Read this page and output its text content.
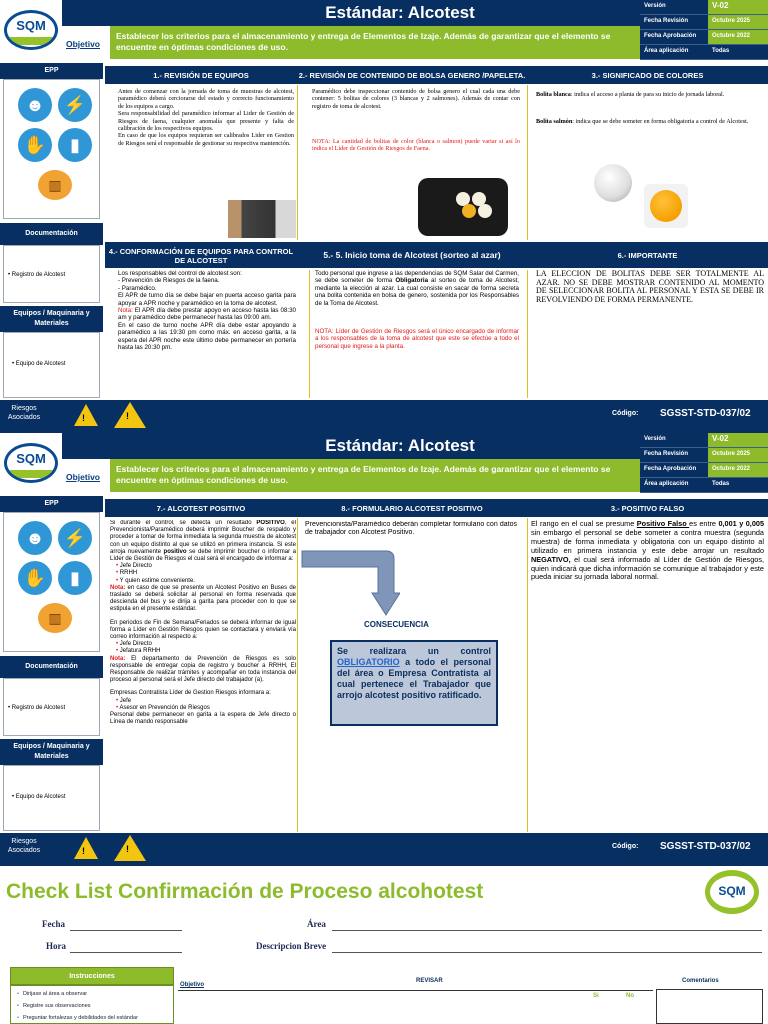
Estándar: Alcotest
SQM
Objetivo
Establecer los criterios para el almacenamiento y entrega de Elementos de Izaje. Además de garantizar que el elemento se encuentre en óptimas condiciones de uso.
Versión	V-02
Fecha Revisión	Octubre 2025
Fecha Aprobación	Octubre 2022
Área aplicación	Todas
EPP
☻	⚡
✋	▮
▥
Documentación
• Registro de Alcotest
Equipos / Maquinaria y Materiales
• Equipo de Alcotest
1.- REVISIÓN DE EQUIPOS	2.- REVISIÓN DE CONTENIDO DE BOLSA GENERO /PAPELETA.	3.- SIGNIFICADO DE COLORES
Antes de comenzar con la jornada de toma de muestras de alcotest, paramédico deberá cerciorarse del estado y correcto funcionamiento de los equipos a cargo.
Sera responsabilidad del paramédico informar al Lider de Gestión de Riesgos de faena, cualquier anomalía que presente y falta de calibración de los respectivos equipos.
En caso de que los equipos requieran ser calibrados Lider en Gestion de Riesgos será el responsable de gestionar su respectiva mantención.
Paramédico debe inspeccionar contenido de bolsa genero el cual cada una debe contener: 5 bolitas de colores (3 blancas y 2 salmones). Además de contar con registro de toma de alcotest.
NOTA: La cantidad de bolitas de color (blanca o salmon) puede variar si así lo indica el Líder de Gestión de Riesgos de Faena.
Bolita blanca: indica el acceso a planta de para su inicio de jornada laboral.
Bolita salmón: indica que se debe someter en forma obligatoria a control de Alcotest.
4.- CONFORMACIÓN DE EQUIPOS PARA CONTROL DE ALCOTEST	5.- 5. Inicio toma de Alcotest (sorteo al azar)	6.- IMPORTANTE
Los responsables del control de alcotest son:
- Prevención de Riesgos de la faena.
- Paramédico.
El APR de turno día se debe bajar en puerta acceso garita para apoyar a APR noche y paramédico en la toma de alcotest.
Nota: El APR día debe prestar apoyo en acceso hasta las 08:30 am y paramédico debe permanecer hasta las 09:00 am.
En el caso de turno noche APR día debe estar apoyando a paramédico a las 19:30 pm como máx. en acceso garita, a la espera del APR noche este último debe permanecer en portería hasta las 20:30 pm.
Todo personal que ingrese a las dependencias de SQM Salar del Carmen, se debe someter de forma Obligatoria al sorteo de toma de Alcotest, mediante la elección al azar. La cual consiste en sacar de forma secreta una bolita contenida en bolsa de genero, sostenida por los Responsables de la Toma de Alcotest.
NOTA: Líder de Gestión de Riesgos será el único encargado de informar a los responsables de la toma de alcotest que este se efectúe a todo el personal que ingrese a la planta.
LA ELECCION DE BOLITAS DEBE SER TOTALMENTE AL AZAR. NO SE DEBE MOSTRAR CONTENIDO AL MOMENTO DE SELECCIONAR BOLITA AL PERSONAL Y ESTA SE DEBE IR REVOLVIENDO DE FORMA PERMANENTE.
Riesgos Asociados	!	!	Código: SGSST-STD-037/02
Estándar: Alcotest
SQM
Objetivo
Establecer los criterios para el almacenamiento y entrega de Elementos de Izaje. Además de garantizar que el elemento se encuentre en óptimas condiciones de uso.
Versión	V-02
Fecha Revisión	Octubre 2025
Fecha Aprobación	Octubre 2022
Área aplicación	Todas
EPP
☻	⚡
✋	▮
▥
Documentación
• Registro de Alcotest
Equipos / Maquinaria y Materiales
• Equipo de Alcotest
7.- ALCOTEST POSITIVO	8.- FORMULARIO ALCOTEST POSITIVO	3.- POSITIVO FALSO
Si durante el control, se detecta un resultado POSITIVO, el Prevencionista/Paramédico deberá imprimir Boucher de respaldo y proceder a tomar de forma inmediata la segunda muestra de alcotest con un equipo distinto al que se utilizó en primera instancia. Si este arroja nuevamente positivo se debe imprimir boucher o informar a Líder de Gestión de Riesgos el cual será el encargado de informar a:
• Jefe Directo
• RRHH
• Y quien estime conveniente.
Nota: en caso de que se presente un Alcotest Positivo en Buses de traslado se deberá solicitar al personal en forma reservada que descienda del bus y se dirija a garita para proceder con lo que se estipula en el presente estándar.
En periodos de Fin de Semana/Feriados se deberá informar de igual forma a Líder en Gestión Riesgos quien se contactara y enviará vía correo información al respecto a:
• Jefe Directo
• Jefatura RRHH
Nota: El departamento de Prevención de Riesgos es solo responsable de entregar copia de registro y boucher a RRHH, El Responsable de realizar trámites y acompañar en toda instancia del proceso al personal será el Jefe directo del trabajador (a).
Empresas Contratista Líder de Gestion Riesgos informara a:
• Jefe
• Asesor en Prevención de Riesgos
Personal debe permanecer en garita a la espera de Jefe directo o Línea de mando responsable
Prevencionista/Paramédico deberán completar formulario con datos de trabajador con Alcotest Positivo.
CONSECUENCIA
Se realizara un control OBLIGATORIO a todo el personal del área o Empresa Contratista al cual pertenece el Trabajador que arrojo alcotest positivo ratificado.
El rango en el cual se presume Positivo Falso es entre 0,001 y 0,005 sin embargo el personal se debe someter a contra muestra (segunda muestra) de forma inmediata y obligatoria con un equipo distinto al utilizado en primera instancia y este debe arrojar un resultado NEGATIVO, el cual será informado al Líder de Gestión de Riesgos, quien indicará que dicha información se comunique al trabajador y este pueda iniciar su jornada laboral normal.
Riesgos Asociados	!	!	Código: SGSST-STD-037/02
Check List Confirmación de Proceso alcohotest	SQM
Fecha	Área
Hora	Descripcion Breve
Instrucciones
• Dirijase al área a observar
• Registre sus observaciones
• Preguntar fortalezas y debilidades del estándar
Objetivo
REVISAR
Si	No
Comentarios
